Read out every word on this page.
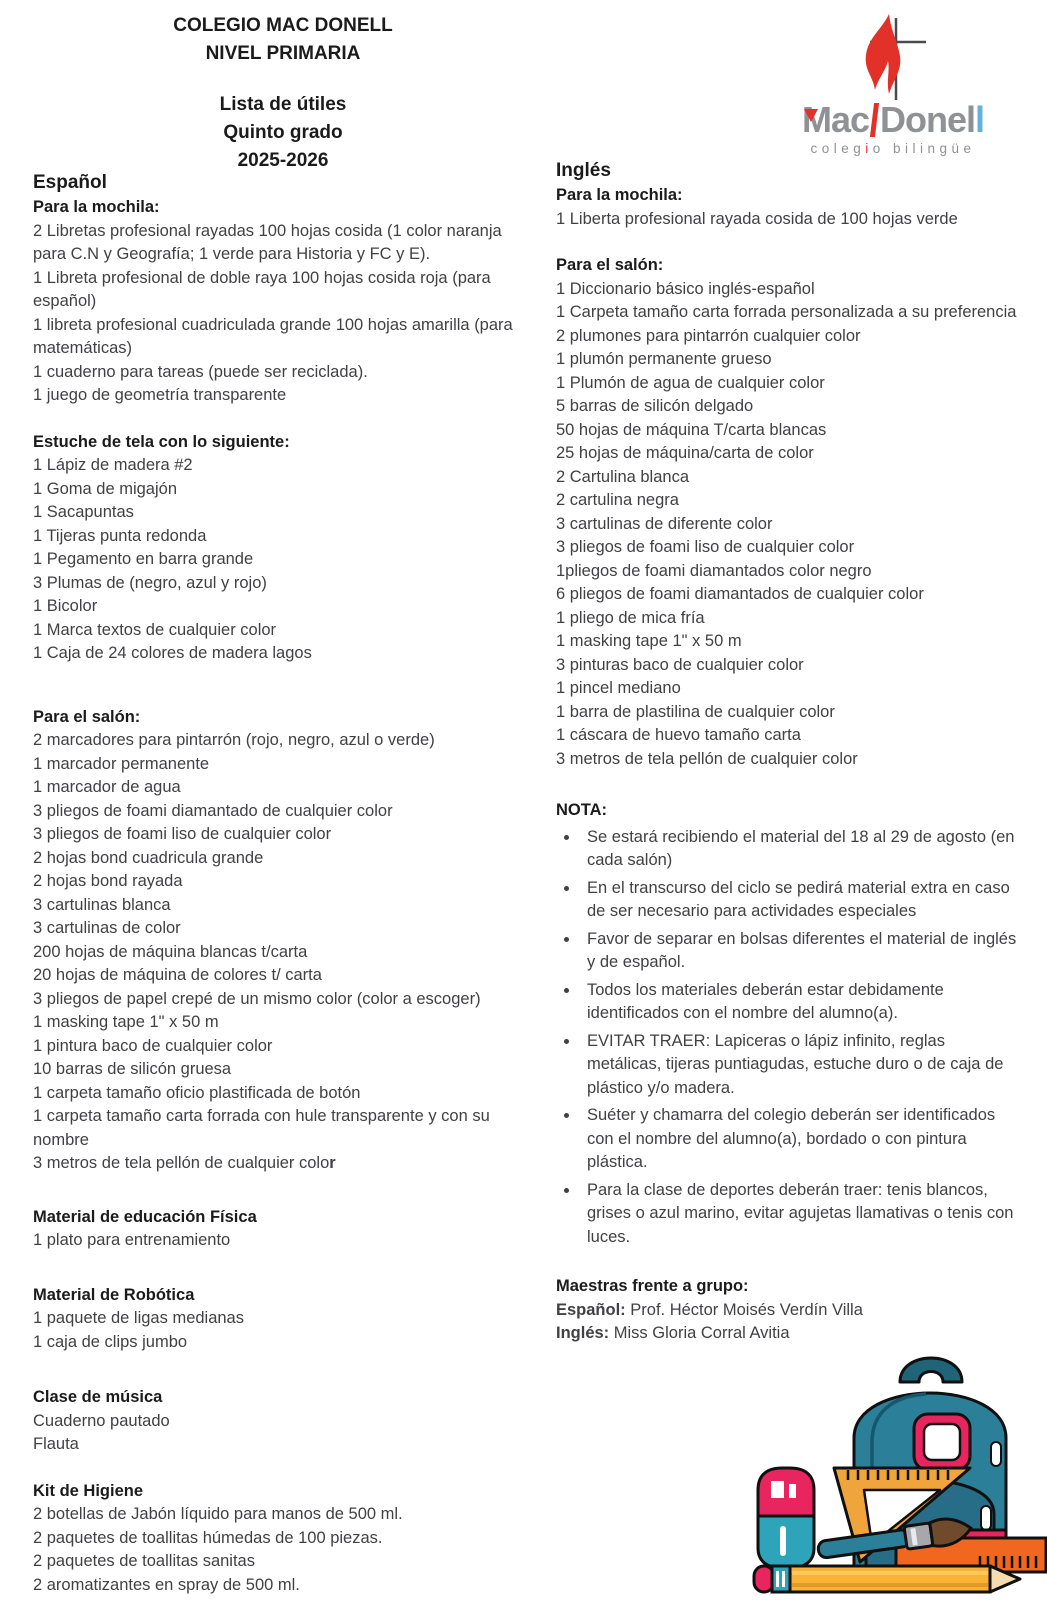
COLEGIO MAC DONELL
NIVEL PRIMARIA
Lista de útiles
Quinto grado
2025-2026
Mac Donell
colegio bilingüe
Español
Para la mochila:

2 Libretas profesional rayadas 100 hojas cosida (1 color naranja para C.N y Geografía; 1 verde para Historia y FC y E).

1 Libreta profesional de doble raya 100 hojas cosida roja (para español)

1 libreta profesional cuadriculada grande 100 hojas amarilla (para matemáticas)

1 cuaderno para tareas (puede ser reciclada).

1 juego de geometría transparente

Estuche de tela con lo siguiente:

1 Lápiz de madera #2

1 Goma de migajón

1 Sacapuntas

1 Tijeras punta redonda

1 Pegamento en barra grande

3 Plumas de (negro, azul y rojo)

1 Bicolor

1 Marca textos de cualquier color

1 Caja de 24 colores de madera lagos

Para el salón:

2 marcadores para pintarrón (rojo, negro, azul o verde)

1 marcador permanente

1 marcador de agua

3 pliegos de foami diamantado de cualquier color

3 pliegos de foami liso de cualquier color

2 hojas bond cuadricula grande

2 hojas bond rayada

3 cartulinas blanca

3 cartulinas de color

200 hojas de máquina blancas t/carta

20 hojas de máquina de colores t/ carta

3 pliegos de papel crepé de un mismo color (color a escoger)

1 masking tape 1" x 50 m

1 pintura baco de cualquier color

10 barras de silicón gruesa

1 carpeta tamaño oficio plastificada de botón

1 carpeta tamaño carta forrada con hule transparente y con su nombre

3 metros de tela pellón de cualquier color

Material de educación Física

1 plato para entrenamiento

Material de Robótica

1 paquete de ligas medianas

1 caja de clips jumbo

Clase de música

Cuaderno pautado

Flauta

Kit de Higiene

2 botellas de Jabón líquido para manos de 500 ml.

2 paquetes de toallitas húmedas de 100 piezas.

2 paquetes de toallitas sanitas

2 aromatizantes en spray de 500 ml.

Inglés
Para la mochila:

1 Liberta profesional rayada cosida de 100 hojas verde

Para el salón:

1 Diccionario básico inglés-español

1 Carpeta tamaño carta forrada personalizada a su preferencia

2 plumones para pintarrón cualquier color

1 plumón permanente grueso

1 Plumón de agua de cualquier color

5 barras de silicón delgado

50 hojas de máquina T/carta blancas

25 hojas de máquina/carta de color

2 Cartulina blanca

2 cartulina negra

3 cartulinas de diferente color

3 pliegos de foami liso de cualquier color

1pliegos de foami diamantados color negro

6 pliegos de foami diamantados de cualquier color

1 pliego de mica fría

1 masking tape 1" x 50 m

3 pinturas baco de cualquier color

1 pincel mediano

1 barra de plastilina de cualquier color

1 cáscara de huevo tamaño carta

3 metros de tela pellón de cualquier color

NOTA:
• Se estará recibiendo el material del 18 al 29 de agosto (en cada salón)
• En el transcurso del ciclo se pedirá material extra en caso de ser necesario para actividades especiales
• Favor de separar en bolsas diferentes el material de inglés y de español.
• Todos los materiales deberán estar debidamente identificados con el nombre del alumno(a).
• EVITAR TRAER: Lapiceras o lápiz infinito, reglas metálicas, tijeras puntiagudas, estuche duro o de caja de plástico y/o madera.
• Suéter y chamarra del colegio deberán ser identificados con el nombre del alumno(a), bordado o con pintura plástica.
• Para la clase de deportes deberán traer: tenis blancos, grises o azul marino, evitar agujetas llamativas o tenis con luces.
Maestras frente a grupo:

Español: Prof. Héctor Moisés Verdín Villa

Inglés: Miss Gloria Corral Avitia
